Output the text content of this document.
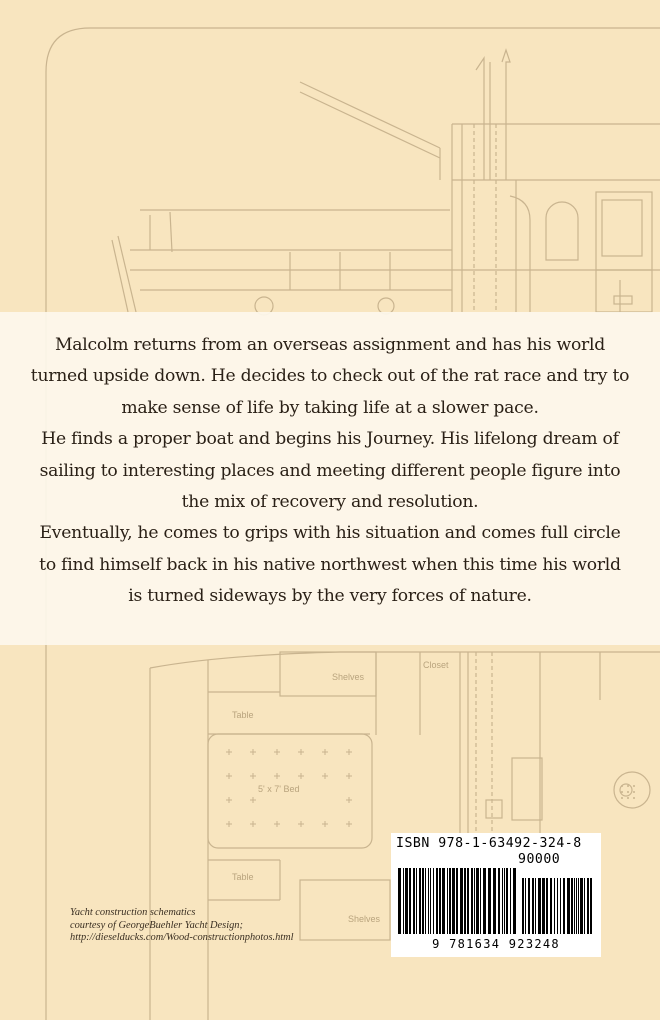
Shelves
Closet
Table
5' x 7' Bed
Table
Shelves

Malcolm returns from an overseas assignment and has his world turned upside down. He decides to check out of the rat race and try to make sense of life by taking life at a slower pace.

He finds a proper boat and begins his Journey. His lifelong dream of sailing to interesting places and meeting different people figure into the mix of recovery and resolution.

Eventually, he comes to grips with his situation and comes full circle to find himself back in his native northwest when this time his world is turned sideways by the very forces of nature.

Yacht construction schematics
courtesy of GeorgeBuehler Yacht Design;
http://dieselducks.com/Wood-constructionphotos.html
ISBN 978-1-63492-324-8
90000
9 781634 923248
